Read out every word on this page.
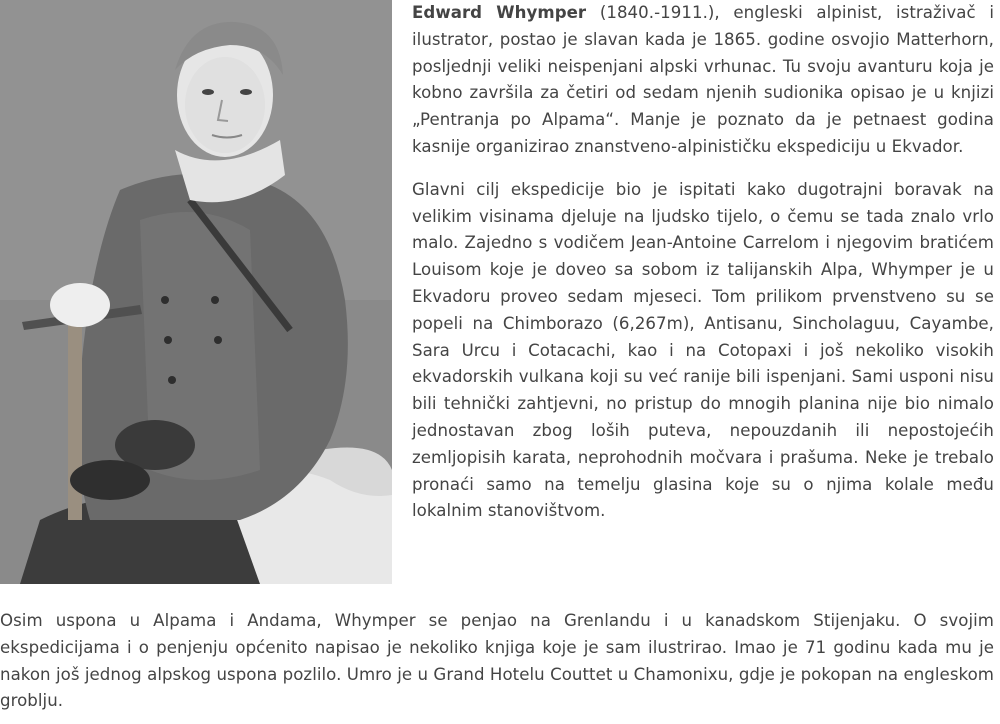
Edward Whymper (1840.-1911.), engleski alpinist, istraživač i ilustrator, postao je slavan kada je 1865. godine osvojio Matterhorn, posljednji veliki neispenjani alpski vrhunac. Tu svoju avanturu koja je kobno završila za četiri od sedam njenih sudionika opisao je u knjizi „Pentranja po Alpama“. Manje je poznato da je petnaest godina kasnije organizirao znanstveno-alpinističku ekspediciju u Ekvador.

Glavni cilj ekspedicije bio je ispitati kako dugotrajni boravak na velikim visinama djeluje na ljudsko tijelo, o čemu se tada znalo vrlo malo. Zajedno s vodičem Jean-Antoine Carrelom i njegovim bratićem Louisom koje je doveo sa sobom iz talijanskih Alpa, Whymper je u Ekvadoru proveo sedam mjeseci. Tom prilikom prvenstveno su se popeli na Chimborazo (6,267m), Antisanu, Sincholaguu, Cayambe, Sara Urcu i Cotacachi, kao i na Cotopaxi i još nekoliko visokih ekvadorskih vulkana koji su već ranije bili ispenjani. Sami usponi nisu bili tehnički zahtjevni, no pristup do mnogih planina nije bio nimalo jednostavan zbog loših puteva, nepouzdanih ili nepostojećih zemljopisih karata, neprohodnih močvara i prašuma. Neke je trebalo pronaći samo na temelju glasina koje su o njima kolale među lokalnim stanovištvom.

Osim uspona u Alpama i Andama, Whymper se penjao na Grenlandu i u kanadskom Stijenjaku. O svojim ekspedicijama i o penjenju općenito napisao je nekoliko knjiga koje je sam ilustrirao. Imao je 71 godinu kada mu je nakon još jednog alpskog uspona pozlilo. Umro je u Grand Hotelu Couttet u Chamonixu, gdje je pokopan na engleskom groblju.
